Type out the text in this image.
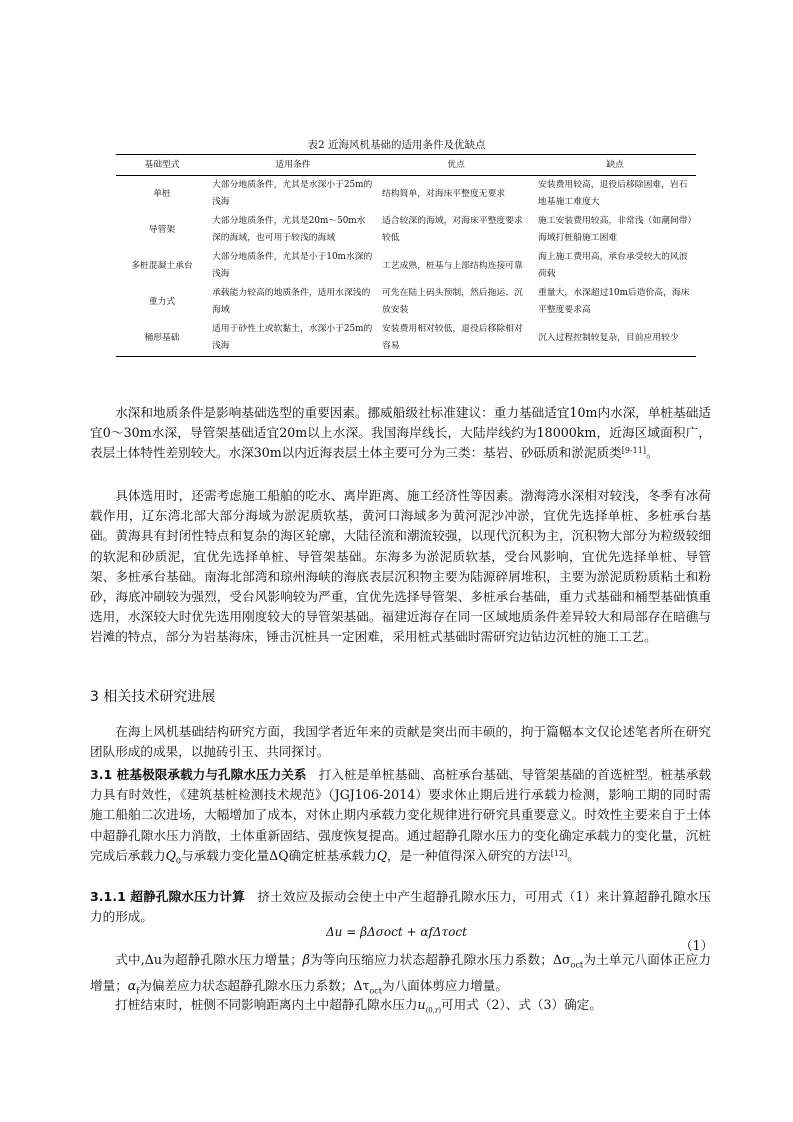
表2 近海风机基础的适用条件及优缺点
基础型式	适用条件	优点	缺点
单桩	大部分地质条件，尤其是水深小于25m的浅海	结构简单，对海床平整度无要求	安装费用较高，退役后移除困难，岩石地基施工难度大
导管架	大部分地质条件，尤其是20m～50m水深的海域，也可用于较浅的海域	适合较深的海域，对海床平整度要求较低	施工安装费用较高，非常浅（如潮间带）海域打桩船施工困难
多桩混凝土承台	大部分地质条件，尤其是小于10m水深的浅海	工艺成熟，桩基与上部结构连接可靠	海上施工费用高，承台承受较大的风浪荷载
重力式	承载能力较高的地质条件，适用水深浅的海域	可先在陆上码头预制，然后拖运、沉放安装	重量大，水深超过10m后造价高，海床平整度要求高
桶形基础	适用于砂性土或软黏土，水深小于25m的浅海	安装费用相对较低，退役后移除相对容易	沉入过程控制较复杂，目前应用较少
水深和地质条件是影响基础选型的重要因素。挪威船级社标准建议：重力基础适宜10m内水深，单桩基础适宜0～30m水深，导管架基础适宜20m以上水深。我国海岸线长，大陆岸线约为18000km，近海区域面积广，表层土体特性差别较大。水深30m以内近海表层土体主要可分为三类：基岩、砂砾质和淤泥质类[9-11]。
具体选用时，还需考虑施工船舶的吃水、离岸距离、施工经济性等因素。渤海湾水深相对较浅，冬季有冰荷载作用，辽东湾北部大部分海域为淤泥质软基，黄河口海域多为黄河泥沙冲淤，宜优先选择单桩、多桩承台基础。黄海具有封闭性特点和复杂的海区轮廓，大陆径流和潮流较强，以现代沉积为主，沉积物大部分为粒级较细的软泥和砂质泥，宜优先选择单桩、导管架基础。东海多为淤泥质软基，受台风影响，宜优先选择单桩、导管架、多桩承台基础。南海北部湾和琼州海峡的海底表层沉积物主要为陆源碎屑堆积，主要为淤泥质粉质粘土和粉砂，海底冲刷较为强烈，受台风影响较为严重，宜优先选择导管架、多桩承台基础，重力式基础和桶型基础慎重选用，水深较大时优先选用刚度较大的导管架基础。福建近海存在同一区域地质条件差异较大和局部存在暗礁与岩滩的特点，部分为岩基海床，锤击沉桩具一定困难，采用桩式基础时需研究边钻边沉桩的施工工艺。
3 相关技术研究进展
在海上风机基础结构研究方面，我国学者近年来的贡献是突出而丰硕的，拘于篇幅本文仅论述笔者所在研究团队形成的成果，以抛砖引玉、共同探讨。
3.1 桩基极限承载力与孔隙水压力关系 打入桩是单桩基础、高桩承台基础、导管架基础的首选桩型。桩基承载力具有时效性，《建筑基桩检测技术规范》（JGJ106-2014）要求休止期后进行承载力检测，影响工期的同时需施工船舶二次进场，大幅增加了成本，对休止期内承载力变化规律进行研究具重要意义。时效性主要来自于土体中超静孔隙水压力消散，土体重新固结、强度恢复提高。通过超静孔隙水压力的变化确定承载力的变化量，沉桩完成后承载力$Q_0$与承载力变化量ΔQ确定桩基承载力Q，是一种值得深入研究的方法[12]。
3.1.1 超静孔隙水压力计算 挤土效应及振动会使土中产生超静孔隙水压力，可用式（1）来计算超静孔隙水压力的形成。
Δu = βΔσoct + αfΔτoct
（1）
式中,Δu为超静孔隙水压力增量；β为等向压缩应力状态超静孔隙水压力系数；$\Delta\sigma_{oct}$为土单元八面体正应力增量；$\alpha_f$为偏差应力状态超静孔隙水压力系数；$\Delta\tau_{oct}$为八面体剪应力增量。
打桩结束时，桩侧不同影响距离内土中超静孔隙水压力$u_{(0,r)}$可用式（2）、式（3）确定。
